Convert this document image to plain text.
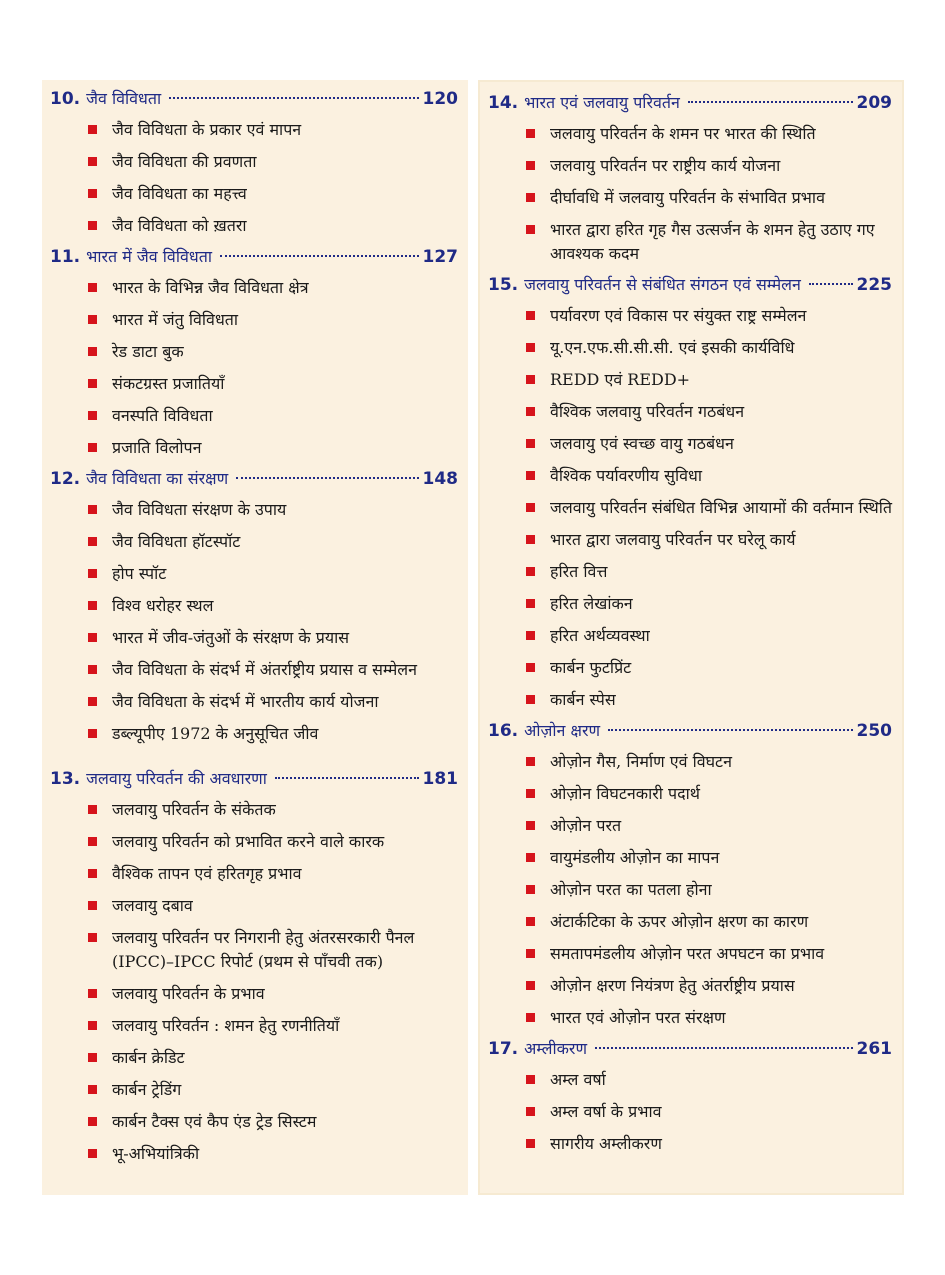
10. जैव विविधता	120
जैव विविधता के प्रकार एवं मापन
जैव विविधता की प्रवणता
जैव विविधता का महत्त्व
जैव विविधता को ख़तरा
11. भारत में जैव विविधता	127
भारत के विभिन्न जैव विविधता क्षेत्र
भारत में जंतु विविधता
रेड डाटा बुक
संकटग्रस्त प्रजातियाँ
वनस्पति विविधता
प्रजाति विलोपन
12. जैव विविधता का संरक्षण	148
जैव विविधता संरक्षण के उपाय
जैव विविधता हॉटस्पॉट
होप स्पॉट
विश्व धरोहर स्थल
भारत में जीव-जंतुओं के संरक्षण के प्रयास
जैव विविधता के संदर्भ में अंतर्राष्ट्रीय प्रयास व सम्मेलन
जैव विविधता के संदर्भ में भारतीय कार्य योजना
डब्ल्यूपीए 1972 के अनुसूचित जीव
13. जलवायु परिवर्तन की अवधारणा	181
जलवायु परिवर्तन के संकेतक
जलवायु परिवर्तन को प्रभावित करने वाले कारक
वैश्विक तापन एवं हरितगृह प्रभाव
जलवायु दबाव
जलवायु परिवर्तन पर निगरानी हेतु अंतरसरकारी पैनल (IPCC)–IPCC रिपोर्ट (प्रथम से पाँचवी तक)
जलवायु परिवर्तन के प्रभाव
जलवायु परिवर्तन : शमन हेतु रणनीतियाँ
कार्बन क्रेडिट
कार्बन ट्रेडिंग
कार्बन टैक्स एवं कैप एंड ट्रेड सिस्टम
भू-अभियांत्रिकी
14. भारत एवं जलवायु परिवर्तन	209
जलवायु परिवर्तन के शमन पर भारत की स्थिति
जलवायु परिवर्तन पर राष्ट्रीय कार्य योजना
दीर्घावधि में जलवायु परिवर्तन के संभावित प्रभाव
भारत द्वारा हरित गृह गैस उत्सर्जन के शमन हेतु उठाए गए आवश्यक कदम
15. जलवायु परिवर्तन से संबंधित संगठन एवं सम्मेलन	225
पर्यावरण एवं विकास पर संयुक्त राष्ट्र सम्मेलन
यू.एन.एफ.सी.सी.सी. एवं इसकी कार्यविधि
REDD एवं REDD+
वैश्विक जलवायु परिवर्तन गठबंधन
जलवायु एवं स्वच्छ वायु गठबंधन
वैश्विक पर्यावरणीय सुविधा
जलवायु परिवर्तन संबंधित विभिन्न आयामों की वर्तमान स्थिति
भारत द्वारा जलवायु परिवर्तन पर घरेलू कार्य
हरित वित्त
हरित लेखांकन
हरित अर्थव्यवस्था
कार्बन फुटप्रिंट
कार्बन स्पेस
16. ओज़ोन क्षरण	250
ओज़ोन गैस, निर्माण एवं विघटन
ओज़ोन विघटनकारी पदार्थ
ओज़ोन परत
वायुमंडलीय ओज़ोन का मापन
ओज़ोन परत का पतला होना
अंटार्कटिका के ऊपर ओज़ोन क्षरण का कारण
समतापमंडलीय ओज़ोन परत अपघटन का प्रभाव
ओज़ोन क्षरण नियंत्रण हेतु अंतर्राष्ट्रीय प्रयास
भारत एवं ओज़ोन परत संरक्षण
17. अम्लीकरण	261
अम्ल वर्षा
अम्ल वर्षा के प्रभाव
सागरीय अम्लीकरण
